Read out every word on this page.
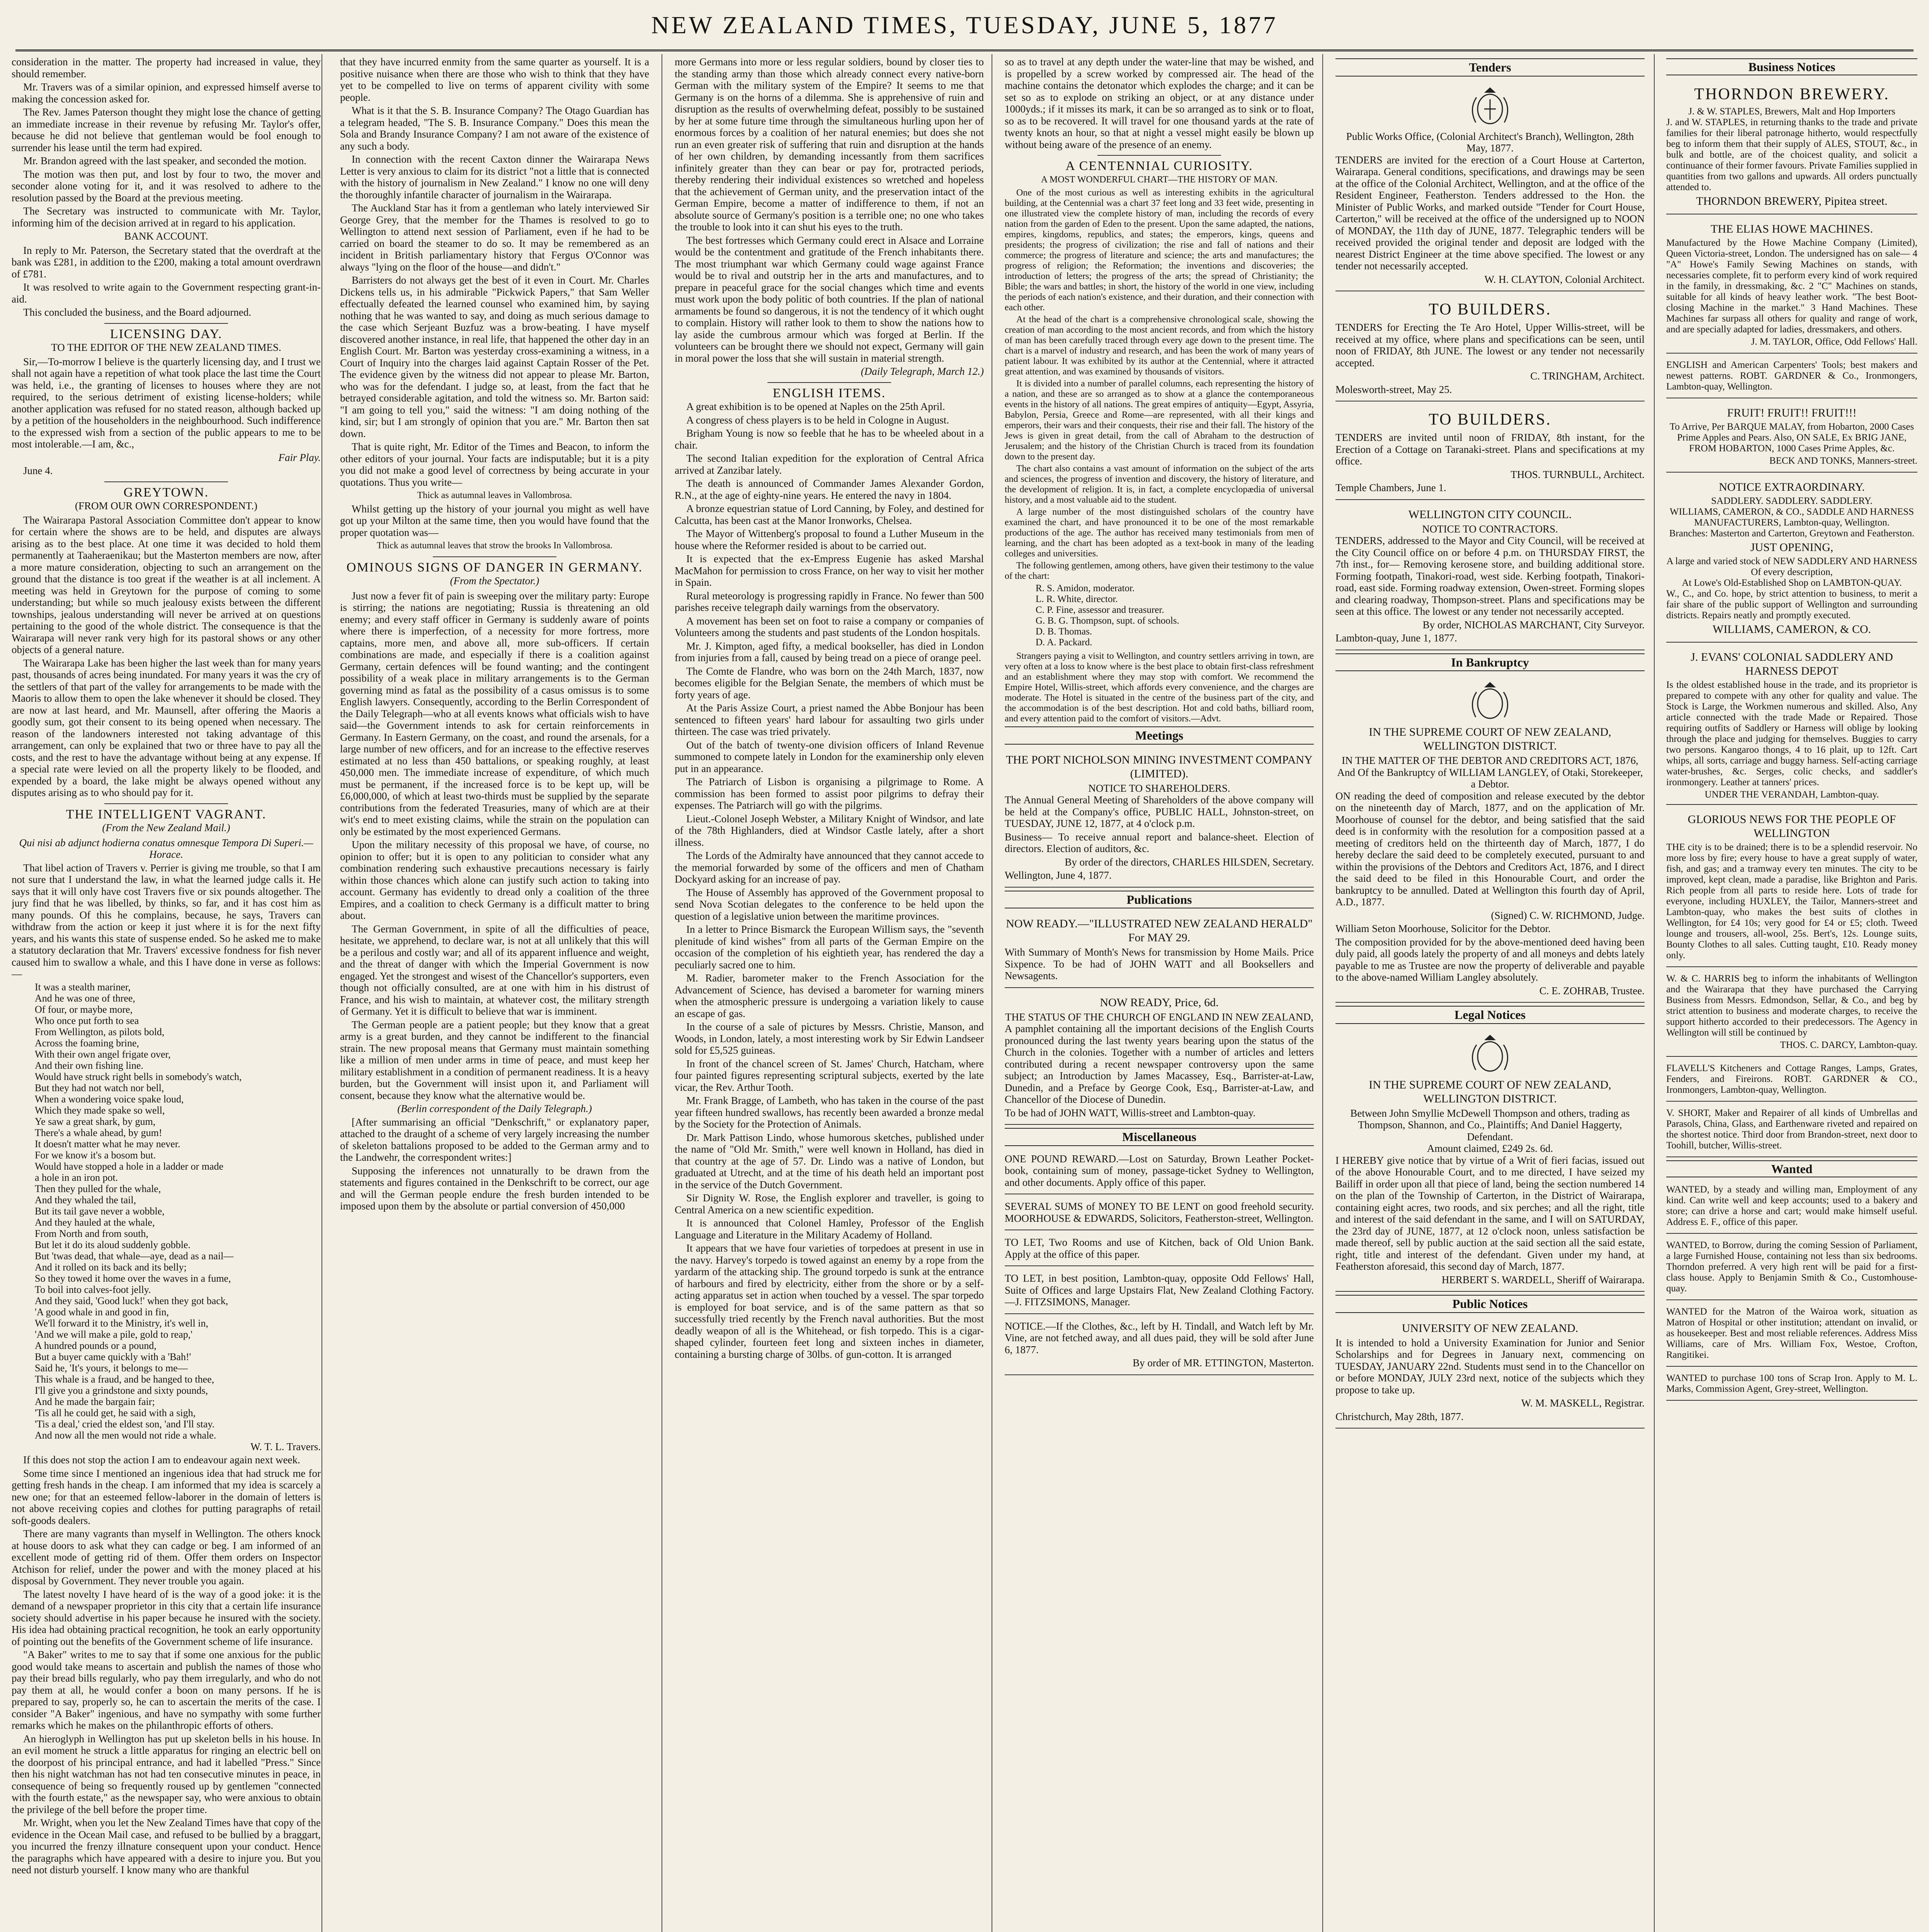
NEW ZEALAND TIMES, TUESDAY, JUNE 5, 1877

consideration in the matter. The property had increased in value, they should remember.

Mr. Travers was of a similar opinion, and expressed himself averse to making the concession asked for.

The Rev. James Paterson thought they might lose the chance of getting an immediate increase in their revenue by refusing Mr. Taylor's offer, because he did not believe that gentleman would be fool enough to surrender his lease until the term had expired.

Mr. Brandon agreed with the last speaker, and seconded the motion.

The motion was then put, and lost by four to two, the mover and seconder alone voting for it, and it was resolved to adhere to the resolution passed by the Board at the previous meeting.

The Secretary was instructed to communicate with Mr. Taylor, informing him of the decision arrived at in regard to his application.

BANK ACCOUNT.

In reply to Mr. Paterson, the Secretary stated that the overdraft at the bank was £281, in addition to the £200, making a total amount overdrawn of £781.

It was resolved to write again to the Government respecting grant-in-aid.

This concluded the business, and the Board adjourned.

LICENSING DAY.
TO THE EDITOR OF THE NEW ZEALAND TIMES.

Sir,—To-morrow I believe is the quarterly licensing day, and I trust we shall not again have a repetition of what took place the last time the Court was held, i.e., the granting of licenses to houses where they are not required, to the serious detriment of existing license-holders; while another application was refused for no stated reason, although backed up by a petition of the householders in the neighbourhood. Such indifference to the expressed wish from a section of the public appears to me to be most intolerable.—I am, &c.,

Fair Play.

June 4.

GREYTOWN.
(FROM OUR OWN CORRESPONDENT.)

The Wairarapa Pastoral Association Committee don't appear to know for certain where the shows are to be held, and disputes are always arising as to the best place. At one time it was decided to hold them permanently at Taaheraenikau; but the Masterton members are now, after a more mature consideration, objecting to such an arrangement on the ground that the distance is too great if the weather is at all inclement. A meeting was held in Greytown for the purpose of coming to some understanding; but while so much jealousy exists between the different townships, jealous understanding will never be arrived at on questions pertaining to the good of the whole district. The consequence is that the Wairarapa will never rank very high for its pastoral shows or any other objects of a general nature.

The Wairarapa Lake has been higher the last week than for many years past, thousands of acres being inundated. For many years it was the cry of the settlers of that part of the valley for arrangements to be made with the Maoris to allow them to open the lake whenever it should be closed. They are now at last heard, and Mr. Maunsell, after offering the Maoris a goodly sum, got their consent to its being opened when necessary. The reason of the landowners interested not taking advantage of this arrangement, can only be explained that two or three have to pay all the costs, and the rest to have the advantage without being at any expense. If a special rate were levied on all the property likely to be flooded, and expended by a board, the lake might be always opened without any disputes arising as to who should pay for it.

THE INTELLIGENT VAGRANT.
(From the New Zealand Mail.)

Qui nisi ab adjunct hodierna conatus omnesque Tempora Di Superi.—Horace.

That libel action of Travers v. Perrier is giving me trouble, so that I am not sure that I understand the law, in what the learned judge calls it. He says that it will only have cost Travers five or six pounds altogether. The jury find that he was libelled, by thinks, so far, and it has cost him as many pounds. Of this he complains, because, he says, Travers can withdraw from the action or keep it just where it is for the next fifty years, and his wants this state of suspense ended. So he asked me to make a statutory declaration that Mr. Travers' excessive fondness for fish never caused him to swallow a whale, and this I have done in verse as follows:—

It was a stealth mariner,
And he was one of three,
Of four, or maybe more,
Who once put forth to sea
From Wellington, as pilots bold,
Across the foaming brine,
With their own angel frigate over,
And their own fishing line.
Would have struck right bells in somebody's watch,
But they had not watch nor bell,
When a wondering voice spake loud,
Which they made spake so well,
Ye saw a great shark, by gum,
There's a whale ahead, by gum!
It doesn't matter what he may never.
For we know it's a bosom but.
Would have stopped a hole in a ladder or made
a hole in an iron pot.
Then they pulled for the whale,
And they whaled the tail,
But its tail gave never a wobble,
And they hauled at the whale,
From North and from south,
But let it do its aloud suddenly gobble.
But 'twas dead, that whale—aye, dead as a nail—
And it rolled on its back and its belly;
So they towed it home over the waves in a fume,
To boil into calves-foot jelly.
And they said, 'Good luck!' when they got back,
'A good whale in and good in fin,
We'll forward it to the Ministry, it's well in,
'And we will make a pile, gold to reap,'
A hundred pounds or a pound,
But a buyer came quickly with a 'Bah!'
Said he, 'It's yours, it belongs to me—
This whale is a fraud, and be hanged to thee,
I'll give you a grindstone and sixty pounds,
And he made the bargain fair;
'Tis all he could get, he said with a sigh,
'Tis a deal,' cried the eldest son, 'and I'll stay.
And now all the men would not ride a whale.

W. T. L. Travers.

If this does not stop the action I am to endeavour again next week.

Some time since I mentioned an ingenious idea that had struck me for getting fresh hands in the cheap. I am informed that my idea is scarcely a new one; for that an esteemed fellow-laborer in the domain of letters is not above receiving copies and clothes for putting paragraphs of retail soft-goods dealers.

There are many vagrants than myself in Wellington. The others knock at house doors to ask what they can cadge or beg. I am informed of an excellent mode of getting rid of them. Offer them orders on Inspector Atchison for relief, under the power and with the money placed at his disposal by Government. They never trouble you again.

The latest novelty I have heard of is the way of a good joke: it is the demand of a newspaper proprietor in this city that a certain life insurance society should advertise in his paper because he insured with the society. His idea had obtaining practical recognition, he took an early opportunity of pointing out the benefits of the Government scheme of life insurance.

"A Baker" writes to me to say that if some one anxious for the public good would take means to ascertain and publish the names of those who pay their bread bills regularly, who pay them irregularly, and who do not pay them at all, he would confer a boon on many persons. If he is prepared to say, properly so, he can to ascertain the merits of the case. I consider "A Baker" ingenious, and have no sympathy with some further remarks which he makes on the philanthropic efforts of others.

An hieroglyph in Wellington has put up skeleton bells in his house. In an evil moment he struck a little apparatus for ringing an electric bell on the doorpost of his principal entrance, and had it labelled "Press." Since then his night watchman has not had ten consecutive minutes in peace, in consequence of being so frequently roused up by gentlemen "connected with the fourth estate," as the newspaper say, who were anxious to obtain the privilege of the bell before the proper time.

Mr. Wright, when you let the New Zealand Times have that copy of the evidence in the Ocean Mail case, and refused to be bullied by a braggart, you incurred the frenzy illnature consequent upon your conduct. Hence the paragraphs which have appeared with a desire to injure you. But you need not disturb yourself. I know many who are thankful

that they have incurred enmity from the same quarter as yourself. It is a positive nuisance when there are those who wish to think that they have yet to be compelled to live on terms of apparent civility with some people.

What is it that the S. B. Insurance Company? The Otago Guardian has a telegram headed, "The S. B. Insurance Company." Does this mean the Sola and Brandy Insurance Company? I am not aware of the existence of any such a body.

In connection with the recent Caxton dinner the Wairarapa News Letter is very anxious to claim for its district "not a little that is connected with the history of journalism in New Zealand." I know no one will deny the thoroughly infantile character of journalism in the Wairarapa.

The Auckland Star has it from a gentleman who lately interviewed Sir George Grey, that the member for the Thames is resolved to go to Wellington to attend next session of Parliament, even if he had to be carried on board the steamer to do so. It may be remembered as an incident in British parliamentary history that Fergus O'Connor was always "lying on the floor of the house—and didn't."

Barristers do not always get the best of it even in Court. Mr. Charles Dickens tells us, in his admirable "Pickwick Papers," that Sam Weller effectually defeated the learned counsel who examined him, by saying nothing that he was wanted to say, and doing as much serious damage to the case which Serjeant Buzfuz was a brow-beating. I have myself discovered another instance, in real life, that happened the other day in an English Court. Mr. Barton was yesterday cross-examining a witness, in a Court of Inquiry into the charges laid against Captain Rosser of the Pet. The evidence given by the witness did not appear to please Mr. Barton, who was for the defendant. I judge so, at least, from the fact that he betrayed considerable agitation, and told the witness so. Mr. Barton said: "I am going to tell you," said the witness: "I am doing nothing of the kind, sir; but I am strongly of opinion that you are." Mr. Barton then sat down.

That is quite right, Mr. Editor of the Times and Beacon, to inform the other editors of your journal. Your facts are indisputable; but it is a pity you did not make a good level of correctness by being accurate in your quotations. Thus you write—

Thick as autumnal leaves in Vallombrosa.

Whilst getting up the history of your journal you might as well have got up your Milton at the same time, then you would have found that the proper quotation was—

Thick as autumnal leaves that strow the brooks In Vallombrosa.

OMINOUS SIGNS OF DANGER IN GERMANY.
(From the Spectator.)

Just now a fever fit of pain is sweeping over the military party: Europe is stirring; the nations are negotiating; Russia is threatening an old enemy; and every staff officer in Germany is suddenly aware of points where there is imperfection, of a necessity for more fortress, more captains, more men, and above all, more sub-officers. If certain combinations are made, and especially if there is a coalition against Germany, certain defences will be found wanting; and the contingent possibility of a weak place in military arrangements is to the German governing mind as fatal as the possibility of a casus omissus is to some English lawyers. Consequently, according to the Berlin Correspondent of the Daily Telegraph—who at all events knows what officials wish to have said—the Government intends to ask for certain reinforcements in Germany. In Eastern Germany, on the coast, and round the arsenals, for a large number of new officers, and for an increase to the effective reserves estimated at no less than 450 battalions, or speaking roughly, at least 450,000 men. The immediate increase of expenditure, of which much must be permanent, if the increased force is to be kept up, will be £6,000,000, of which at least two-thirds must be supplied by the separate contributions from the federated Treasuries, many of which are at their wit's end to meet existing claims, while the strain on the population can only be estimated by the most experienced Germans.

Upon the military necessity of this proposal we have, of course, no opinion to offer; but it is open to any politician to consider what any combination rendering such exhaustive precautions necessary is fairly within those chances which alone can justify such action to taking into account. Germany has evidently to dread only a coalition of the three Empires, and a coalition to check Germany is a difficult matter to bring about.

The German Government, in spite of all the difficulties of peace, hesitate, we apprehend, to declare war, is not at all unlikely that this will be a perilous and costly war; and all of its apparent influence and weight, and the threat of danger with which the Imperial Government is now engaged. Yet the strongest and wisest of the Chancellor's supporters, even though not officially consulted, are at one with him in his distrust of France, and his wish to maintain, at whatever cost, the military strength of Germany. Yet it is difficult to believe that war is imminent.

The German people are a patient people; but they know that a great army is a great burden, and they cannot be indifferent to the financial strain. The new proposal means that Germany must maintain something like a million of men under arms in time of peace, and must keep her military establishment in a condition of permanent readiness. It is a heavy burden, but the Government will insist upon it, and Parliament will consent, because they know what the alternative would be.

(Berlin correspondent of the Daily Telegraph.)

[After summarising an official "Denkschrift," or explanatory paper, attached to the draught of a scheme of very largely increasing the number of skeleton battalions proposed to be added to the German army and to the Landwehr, the correspondent writes:]

Supposing the inferences not unnaturally to be drawn from the statements and figures contained in the Denkschrift to be correct, our age and will the German people endure the fresh burden intended to be imposed upon them by the absolute or partial conversion of 450,000

more Germans into more or less regular soldiers, bound by closer ties to the standing army than those which already connect every native-born German with the military system of the Empire? It seems to me that Germany is on the horns of a dilemma. She is apprehensive of ruin and disruption as the results of overwhelming defeat, possibly to be sustained by her at some future time through the simultaneous hurling upon her of enormous forces by a coalition of her natural enemies; but does she not run an even greater risk of suffering that ruin and disruption at the hands of her own children, by demanding incessantly from them sacrifices infinitely greater than they can bear or pay for, protracted periods, thereby rendering their individual existences so wretched and hopeless that the achievement of German unity, and the preservation intact of the German Empire, become a matter of indifference to them, if not an absolute source of Germany's position is a terrible one; no one who takes the trouble to look into it can shut his eyes to the truth.

The best fortresses which Germany could erect in Alsace and Lorraine would be the contentment and gratitude of the French inhabitants there. The most triumphant war which Germany could wage against France would be to rival and outstrip her in the arts and manufactures, and to prepare in peaceful grace for the social changes which time and events must work upon the body politic of both countries. If the plan of national armaments be found so dangerous, it is not the tendency of it which ought to complain. History will rather look to them to show the nations how to lay aside the cumbrous armour which was forged at Berlin. If the volunteers can be brought there we should not expect, Germany will gain in moral power the loss that she will sustain in material strength.

(Daily Telegraph, March 12.)

ENGLISH ITEMS.

A great exhibition is to be opened at Naples on the 25th April.

A congress of chess players is to be held in Cologne in August.

Brigham Young is now so feeble that he has to be wheeled about in a chair.

The second Italian expedition for the exploration of Central Africa arrived at Zanzibar lately.

The death is announced of Commander James Alexander Gordon, R.N., at the age of eighty-nine years. He entered the navy in 1804.

A bronze equestrian statue of Lord Canning, by Foley, and destined for Calcutta, has been cast at the Manor Ironworks, Chelsea.

The Mayor of Wittenberg's proposal to found a Luther Museum in the house where the Reformer resided is about to be carried out.

It is expected that the ex-Empress Eugenie has asked Marshal MacMahon for permission to cross France, on her way to visit her mother in Spain.

Rural meteorology is progressing rapidly in France. No fewer than 500 parishes receive telegraph daily warnings from the observatory.

A movement has been set on foot to raise a company or companies of Volunteers among the students and past students of the London hospitals.

Mr. J. Kimpton, aged fifty, a medical bookseller, has died in London from injuries from a fall, caused by being tread on a piece of orange peel.

The Comte de Flandre, who was born on the 24th March, 1837, now becomes eligible for the Belgian Senate, the members of which must be forty years of age.

At the Paris Assize Court, a priest named the Abbe Bonjour has been sentenced to fifteen years' hard labour for assaulting two girls under thirteen. The case was tried privately.

Out of the batch of twenty-one division officers of Inland Revenue summoned to compete lately in London for the examinership only eleven put in an appearance.

The Patriarch of Lisbon is organising a pilgrimage to Rome. A commission has been formed to assist poor pilgrims to defray their expenses. The Patriarch will go with the pilgrims.

Lieut.-Colonel Joseph Webster, a Military Knight of Windsor, and late of the 78th Highlanders, died at Windsor Castle lately, after a short illness.

The Lords of the Admiralty have announced that they cannot accede to the memorial forwarded by some of the officers and men of Chatham Dockyard asking for an increase of pay.

The House of Assembly has approved of the Government proposal to send Nova Scotian delegates to the conference to be held upon the question of a legislative union between the maritime provinces.

In a letter to Prince Bismarck the European Willism says, the "seventh plenitude of kind wishes" from all parts of the German Empire on the occasion of the completion of his eightieth year, has rendered the day a peculiarly sacred one to him.

M. Radier, barometer maker to the French Association for the Advancement of Science, has devised a barometer for warning miners when the atmospheric pressure is undergoing a variation likely to cause an escape of gas.

In the course of a sale of pictures by Messrs. Christie, Manson, and Woods, in London, lately, a most interesting work by Sir Edwin Landseer sold for £5,525 guineas.

In front of the chancel screen of St. James' Church, Hatcham, where four painted figures representing scriptural subjects, exerted by the late vicar, the Rev. Arthur Tooth.

Mr. Frank Bragge, of Lambeth, who has taken in the course of the past year fifteen hundred swallows, has recently been awarded a bronze medal by the Society for the Protection of Animals.

Dr. Mark Pattison Lindo, whose humorous sketches, published under the name of "Old Mr. Smith," were well known in Holland, has died in that country at the age of 57. Dr. Lindo was a native of London, but graduated at Utrecht, and at the time of his death held an important post in the service of the Dutch Government.

Sir Dignity W. Rose, the English explorer and traveller, is going to Central America on a new scientific expedition.

It is announced that Colonel Hamley, Professor of the English Language and Literature in the Military Academy of Holland.

It appears that we have four varieties of torpedoes at present in use in the navy. Harvey's torpedo is towed against an enemy by a rope from the yardarm of the attacking ship. The ground torpedo is sunk at the entrance of harbours and fired by electricity, either from the shore or by a self-acting apparatus set in action when touched by a vessel. The spar torpedo is employed for boat service, and is of the same pattern as that so successfully tried recently by the French naval authorities. But the most deadly weapon of all is the Whitehead, or fish torpedo. This is a cigar-shaped cylinder, fourteen feet long and sixteen inches in diameter, containing a bursting charge of 30lbs. of gun-cotton. It is arranged

so as to travel at any depth under the water-line that may be wished, and is propelled by a screw worked by compressed air. The head of the machine contains the detonator which explodes the charge; and it can be set so as to explode on striking an object, or at any distance under 1000yds.; if it misses its mark, it can be so arranged as to sink or to float, so as to be recovered. It will travel for one thousand yards at the rate of twenty knots an hour, so that at night a vessel might easily be blown up without being aware of the presence of an enemy.

A CENTENNIAL CURIOSITY.
A MOST WONDERFUL CHART—THE HISTORY OF MAN.

One of the most curious as well as interesting exhibits in the agricultural building, at the Centennial was a chart 37 feet long and 33 feet wide, presenting in one illustrated view the complete history of man, including the records of every nation from the garden of Eden to the present. Upon the same adapted, the nations, empires, kingdoms, republics, and states; the emperors, kings, queens and presidents; the progress of civilization; the rise and fall of nations and their commerce; the progress of literature and science; the arts and manufactures; the progress of religion; the Reformation; the inventions and discoveries; the introduction of letters; the progress of the arts; the spread of Christianity; the Bible; the wars and battles; in short, the history of the world in one view, including the periods of each nation's existence, and their duration, and their connection with each other.

At the head of the chart is a comprehensive chronological scale, showing the creation of man according to the most ancient records, and from which the history of man has been carefully traced through every age down to the present time. The chart is a marvel of industry and research, and has been the work of many years of patient labour. It was exhibited by its author at the Centennial, where it attracted great attention, and was examined by thousands of visitors.

It is divided into a number of parallel columns, each representing the history of a nation, and these are so arranged as to show at a glance the contemporaneous events in the history of all nations. The great empires of antiquity—Egypt, Assyria, Babylon, Persia, Greece and Rome—are represented, with all their kings and emperors, their wars and their conquests, their rise and their fall. The history of the Jews is given in great detail, from the call of Abraham to the destruction of Jerusalem; and the history of the Christian Church is traced from its foundation down to the present day.

The chart also contains a vast amount of information on the subject of the arts and sciences, the progress of invention and discovery, the history of literature, and the development of religion. It is, in fact, a complete encyclopædia of universal history, and a most valuable aid to the student.

A large number of the most distinguished scholars of the country have examined the chart, and have pronounced it to be one of the most remarkable productions of the age. The author has received many testimonials from men of learning, and the chart has been adopted as a text-book in many of the leading colleges and universities.

The following gentlemen, among others, have given their testimony to the value of the chart:

R. S. Amidon, moderator.
L. R. White, director.
C. P. Fine, assessor and treasurer.
G. B. G. Thompson, supt. of schools.
D. B. Thomas.
D. A. Packard.

Strangers paying a visit to Wellington, and country settlers arriving in town, are very often at a loss to know where is the best place to obtain first-class refreshment and an establishment where they may stop with comfort. We recommend the Empire Hotel, Willis-street, which affords every convenience, and the charges are moderate. The Hotel is situated in the centre of the business part of the city, and the accommodation is of the best description. Hot and cold baths, billiard room, and every attention paid to the comfort of visitors.—Advt.

Meetings
THE PORT NICHOLSON MINING INVESTMENT COMPANY (LIMITED).
NOTICE TO SHAREHOLDERS.

The Annual General Meeting of Shareholders of the above company will be held at the Company's office, PUBLIC HALL, Johnston-street, on TUESDAY, JUNE 12, 1877, at 4 o'clock p.m.

Business— To receive annual report and balance-sheet. Election of directors. Election of auditors, &c.

By order of the directors, CHARLES HILSDEN, Secretary.

Wellington, June 4, 1877.

Publications
NOW READY.—"ILLUSTRATED NEW ZEALAND HERALD" For MAY 29.

With Summary of Month's News for transmission by Home Mails. Price Sixpence. To be had of JOHN WATT and all Booksellers and Newsagents.

NOW READY, Price, 6d.
THE STATUS OF THE CHURCH OF ENGLAND IN NEW ZEALAND,

A pamphlet containing all the important decisions of the English Courts pronounced during the last twenty years bearing upon the status of the Church in the colonies. Together with a number of articles and letters contributed during a recent newspaper controversy upon the same subject; an Introduction by James Macassey, Esq., Barrister-at-Law, Dunedin, and a Preface by George Cook, Esq., Barrister-at-Law, and Chancellor of the Diocese of Dunedin.

To be had of JOHN WATT, Willis-street and Lambton-quay.

Miscellaneous

ONE POUND REWARD.—Lost on Saturday, Brown Leather Pocket-book, containing sum of money, passage-ticket Sydney to Wellington, and other documents. Apply office of this paper.

SEVERAL SUMS of MONEY TO BE LENT on good freehold security. MOORHOUSE & EDWARDS, Solicitors, Featherston-street, Wellington.

TO LET, Two Rooms and use of Kitchen, back of Old Union Bank. Apply at the office of this paper.

TO LET, in best position, Lambton-quay, opposite Odd Fellows' Hall, Suite of Offices and large Upstairs Flat, New Zealand Clothing Factory.—J. FITZSIMONS, Manager.

NOTICE.—If the Clothes, &c., left by H. Tindall, and Watch left by Mr. Vine, are not fetched away, and all dues paid, they will be sold after June 6, 1877.

By order of MR. ETTINGTON, Masterton.

Tenders
Public Works Office, (Colonial Architect's Branch), Wellington, 28th May, 1877.

TENDERS are invited for the erection of a Court House at Carterton, Wairarapa. General conditions, specifications, and drawings may be seen at the office of the Colonial Architect, Wellington, and at the office of the Resident Engineer, Featherston. Tenders addressed to the Hon. the Minister of Public Works, and marked outside "Tender for Court House, Carterton," will be received at the office of the undersigned up to NOON of MONDAY, the 11th day of JUNE, 1877. Telegraphic tenders will be received provided the original tender and deposit are lodged with the nearest District Engineer at the time above specified. The lowest or any tender not necessarily accepted.

W. H. CLAYTON, Colonial Architect.

TO BUILDERS.

TENDERS for Erecting the Te Aro Hotel, Upper Willis-street, will be received at my office, where plans and specifications can be seen, until noon of FRIDAY, 8th JUNE. The lowest or any tender not necessarily accepted.

C. TRINGHAM, Architect.

Molesworth-street, May 25.

TO BUILDERS.

TENDERS are invited until noon of FRIDAY, 8th instant, for the Erection of a Cottage on Taranaki-street. Plans and specifications at my office.

THOS. TURNBULL, Architect.

Temple Chambers, June 1.

WELLINGTON CITY COUNCIL.
NOTICE TO CONTRACTORS.

TENDERS, addressed to the Mayor and City Council, will be received at the City Council office on or before 4 p.m. on THURSDAY FIRST, the 7th inst., for— Removing kerosene store, and building additional store. Forming footpath, Tinakori-road, west side. Kerbing footpath, Tinakori-road, east side. Forming roadway extension, Owen-street. Forming slopes and clearing roadway, Thompson-street. Plans and specifications may be seen at this office. The lowest or any tender not necessarily accepted.

By order, NICHOLAS MARCHANT, City Surveyor.

Lambton-quay, June 1, 1877.

In Bankruptcy
IN THE SUPREME COURT OF NEW ZEALAND, WELLINGTON DISTRICT.
IN THE MATTER OF THE DEBTOR AND CREDITORS ACT, 1876, And Of the Bankruptcy of WILLIAM LANGLEY, of Otaki, Storekeeper, a Debtor.

ON reading the deed of composition and release executed by the debtor on the nineteenth day of March, 1877, and on the application of Mr. Moorhouse of counsel for the debtor, and being satisfied that the said deed is in conformity with the resolution for a composition passed at a meeting of creditors held on the thirteenth day of March, 1877, I do hereby declare the said deed to be completely executed, pursuant to and within the provisions of the Debtors and Creditors Act, 1876, and I direct the said deed to be filed in this Honourable Court, and order the bankruptcy to be annulled. Dated at Wellington this fourth day of April, A.D., 1877.

(Signed) C. W. RICHMOND, Judge.

William Seton Moorhouse, Solicitor for the Debtor.

The composition provided for by the above-mentioned deed having been duly paid, all goods lately the property of and all moneys and debts lately payable to me as Trustee are now the property of deliverable and payable to the above-named William Langley absolutely.

C. E. ZOHRAB, Trustee.

Legal Notices
IN THE SUPREME COURT OF NEW ZEALAND, WELLINGTON DISTRICT.
Between John Smyllie McDewell Thompson and others, trading as Thompson, Shannon, and Co., Plaintiffs; And Daniel Haggerty, Defendant.
Amount claimed, £249 2s. 6d.

I HEREBY give notice that by virtue of a Writ of fieri facias, issued out of the above Honourable Court, and to me directed, I have seized my Bailiff in order upon all that piece of land, being the section numbered 14 on the plan of the Township of Carterton, in the District of Wairarapa, containing eight acres, two roods, and six perches; and all the right, title and interest of the said defendant in the same, and I will on SATURDAY, the 23rd day of JUNE, 1877, at 12 o'clock noon, unless satisfaction be made thereof, sell by public auction at the said section all the said estate, right, title and interest of the defendant. Given under my hand, at Featherston aforesaid, this second day of March, 1877.

HERBERT S. WARDELL, Sheriff of Wairarapa.

Public Notices
UNIVERSITY OF NEW ZEALAND.

It is intended to hold a University Examination for Junior and Senior Scholarships and for Degrees in January next, commencing on TUESDAY, JANUARY 22nd. Students must send in to the Chancellor on or before MONDAY, JULY 23rd next, notice of the subjects which they propose to take up.

W. M. MASKELL, Registrar.

Christchurch, May 28th, 1877.

Business Notices
THORNDON BREWERY.
J. & W. STAPLES, Brewers, Malt and Hop Importers

J. and W. STAPLES, in returning thanks to the trade and private families for their liberal patronage hitherto, would respectfully beg to inform them that their supply of ALES, STOUT, &c., in bulk and bottle, are of the choicest quality, and solicit a continuance of their former favours. Private Families supplied in quantities from two gallons and upwards. All orders punctually attended to.

THORNDON BREWERY, Pipitea street.
THE ELIAS HOWE MACHINES.

Manufactured by the Howe Machine Company (Limited), Queen Victoria-street, London. The undersigned has on sale— 4 "A" Howe's Family Sewing Machines on stands, with necessaries complete, fit to perform every kind of work required in the family, in dressmaking, &c. 2 "C" Machines on stands, suitable for all kinds of heavy leather work. "The best Boot-closing Machine in the market." 3 Hand Machines. These Machines far surpass all others for quality and range of work, and are specially adapted for ladies, dressmakers, and others.

J. M. TAYLOR, Office, Odd Fellows' Hall.

ENGLISH and American Carpenters' Tools; best makers and newest patterns. ROBT. GARDNER & Co., Ironmongers, Lambton-quay, Wellington.

FRUIT! FRUIT!! FRUIT!!!

To Arrive, Per BARQUE MALAY, from Hobarton, 2000 Cases Prime Apples and Pears. Also, ON SALE, Ex BRIG JANE, FROM HOBARTON, 1000 Cases Prime Apples, &c.

BECK AND TONKS, Manners-street.

NOTICE EXTRAORDINARY.
SADDLERY. SADDLERY. SADDLERY.
WILLIAMS, CAMERON, & CO., SADDLE AND HARNESS MANUFACTURERS, Lambton-quay, Wellington.
Branches: Masterton and Carterton, Greytown and Featherston.
JUST OPENING,
A large and varied stock of NEW SADDLERY AND HARNESS Of every description,
At Lowe's Old-Established Shop on LAMBTON-QUAY.

W., C., and Co. hope, by strict attention to business, to merit a fair share of the public support of Wellington and surrounding districts. Repairs neatly and promptly executed.

WILLIAMS, CAMERON, & CO.
J. EVANS' COLONIAL SADDLERY AND HARNESS DEPOT

Is the oldest established house in the trade, and its proprietor is prepared to compete with any other for quality and value. The Stock is Large, the Workmen numerous and skilled. Also, Any article connected with the trade Made or Repaired. Those requiring outfits of Saddlery or Harness will oblige by looking through the place and judging for themselves. Buggies to carry two persons. Kangaroo thongs, 4 to 16 plait, up to 12ft. Cart whips, all sorts, carriage and buggy harness. Self-acting carriage water-brushes, &c. Serges, colic checks, and saddler's ironmongery. Leather at tanners' prices.

UNDER THE VERANDAH, Lambton-quay.
GLORIOUS NEWS FOR THE PEOPLE OF WELLINGTON

THE city is to be drained; there is to be a splendid reservoir. No more loss by fire; every house to have a great supply of water, fish, and gas; and a tramway every ten minutes. The city to be improved, kept clean, made a paradise, like Brighton and Paris. Rich people from all parts to reside here. Lots of trade for everyone, including HUXLEY, the Tailor, Manners-street and Lambton-quay, who makes the best suits of clothes in Wellington, for £4 10s; very good for £4 or £5; cloth. Tweed lounge and trousers, all-wool, 25s. Bert's, 12s. Lounge suits, Bounty Clothes to all sales. Cutting taught, £10. Ready money only.

W. & C. HARRIS beg to inform the inhabitants of Wellington and the Wairarapa that they have purchased the Carrying Business from Messrs. Edmondson, Sellar, & Co., and beg by strict attention to business and moderate charges, to receive the support hitherto accorded to their predecessors. The Agency in Wellington will still be continued by

THOS. C. DARCY, Lambton-quay.

FLAVELL'S Kitcheners and Cottage Ranges, Lamps, Grates, Fenders, and Fireirons. ROBT. GARDNER & CO., Ironmongers, Lambton-quay, Wellington.

V. SHORT, Maker and Repairer of all kinds of Umbrellas and Parasols, China, Glass, and Earthenware riveted and repaired on the shortest notice. Third door from Brandon-street, next door to Toohill, butcher, Willis-street.

Wanted

WANTED, by a steady and willing man, Employment of any kind. Can write well and keep accounts; used to a bakery and store; can drive a horse and cart; would make himself useful. Address E. F., office of this paper.

WANTED, to Borrow, during the coming Session of Parliament, a large Furnished House, containing not less than six bedrooms. Thorndon preferred. A very high rent will be paid for a first-class house. Apply to Benjamin Smith & Co., Customhouse-quay.

WANTED for the Matron of the Wairoa work, situation as Matron of Hospital or other institution; attendant on invalid, or as housekeeper. Best and most reliable references. Address Miss Williams, care of Mrs. William Fox, Westoe, Crofton, Rangitikei.

WANTED to purchase 100 tons of Scrap Iron. Apply to M. L. Marks, Commission Agent, Grey-street, Wellington.
